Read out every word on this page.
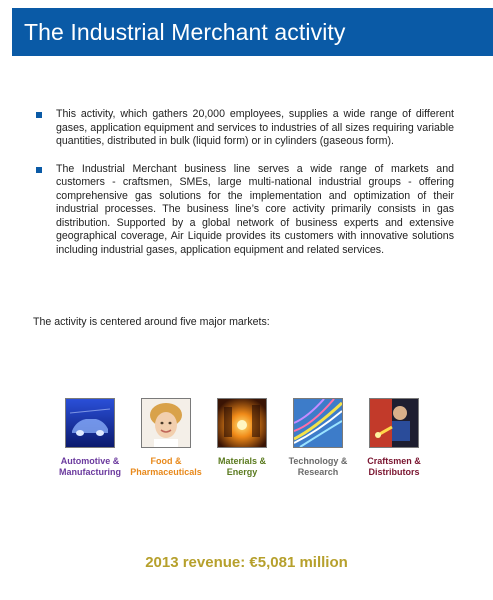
The Industrial Merchant activity

This activity, which gathers 20,000 employees, supplies a wide range of different gases, application equipment and services to industries of all sizes requiring variable quantities, distributed in bulk (liquid form) or in cylinders (gaseous form).

The Industrial Merchant business line serves a wide range of markets and customers - craftsmen, SMEs, large multi-national industrial groups - offering comprehensive gas solutions for the implementation and optimization of their industrial processes. The business line’s core activity primarily consists in gas distribution. Supported by a global network of business experts and extensive geographical coverage, Air Liquide provides its customers with innovative solutions including industrial gases, application equipment and related services.

The activity is centered around five major markets:
Automotive &
Manufacturing
Food &
Pharmaceuticals
Materials &
Energy
Technology &
Research
Craftsmen &
Distributors
2013 revenue: €5,081 million
